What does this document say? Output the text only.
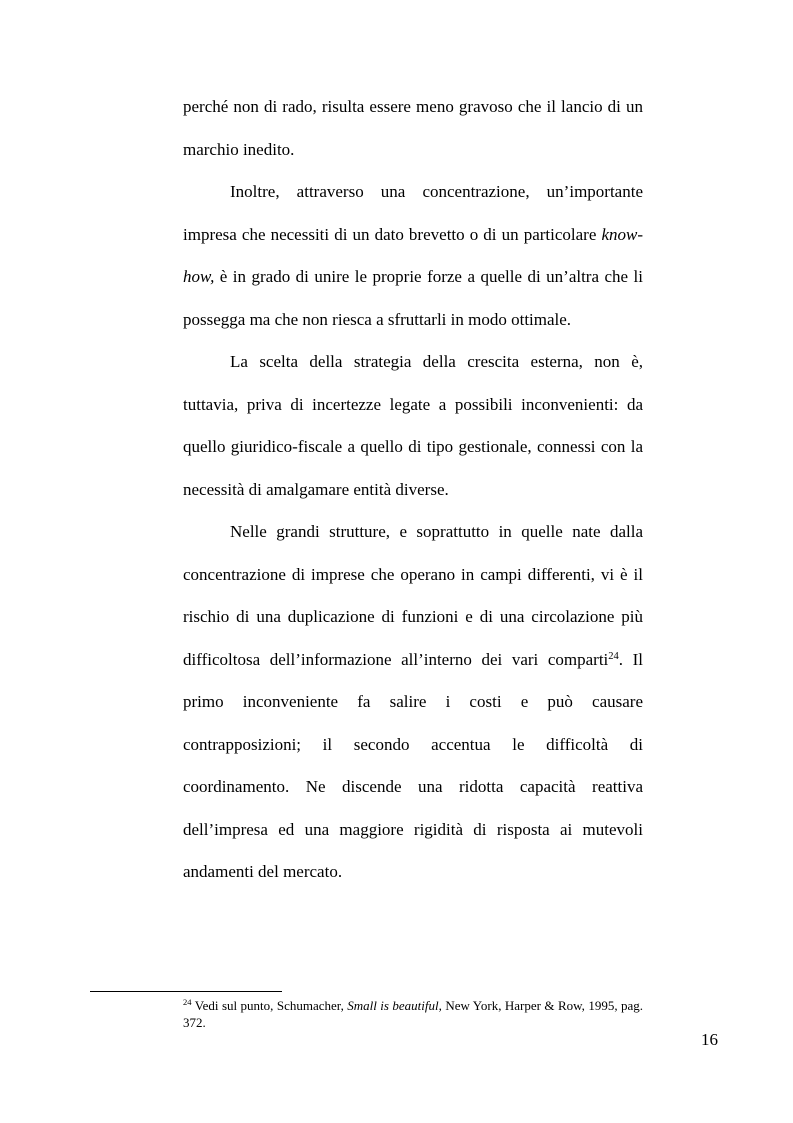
perché non di rado, risulta essere meno gravoso che il lancio di un marchio inedito.

Inoltre, attraverso una concentrazione, un’importante impresa che necessiti di un dato brevetto o di un particolare know-how, è in grado di unire le proprie forze a quelle di un’altra che li possegga ma che non riesca a sfruttarli in modo ottimale.

La scelta della strategia della crescita esterna, non è, tuttavia, priva di incertezze legate a possibili inconvenienti: da quello giuridico-fiscale a quello di tipo gestionale, connessi con la necessità di amalgamare entità diverse.

Nelle grandi strutture, e soprattutto in quelle nate dalla concentrazione di imprese che operano in campi differenti, vi è il rischio di una duplicazione di funzioni e di una circolazione più difficoltosa dell’informazione all’interno dei vari comparti$^{24}$. Il primo inconveniente fa salire i costi e può causare contrapposizioni; il secondo accentua le difficoltà di coordinamento. Ne discende una ridotta capacità reattiva dell’impresa ed una maggiore rigidità di risposta ai mutevoli andamenti del mercato.

$^{24}$ Vedi sul punto, Schumacher, Small is beautiful, New York, Harper & Row, 1995, pag. 372.

16
